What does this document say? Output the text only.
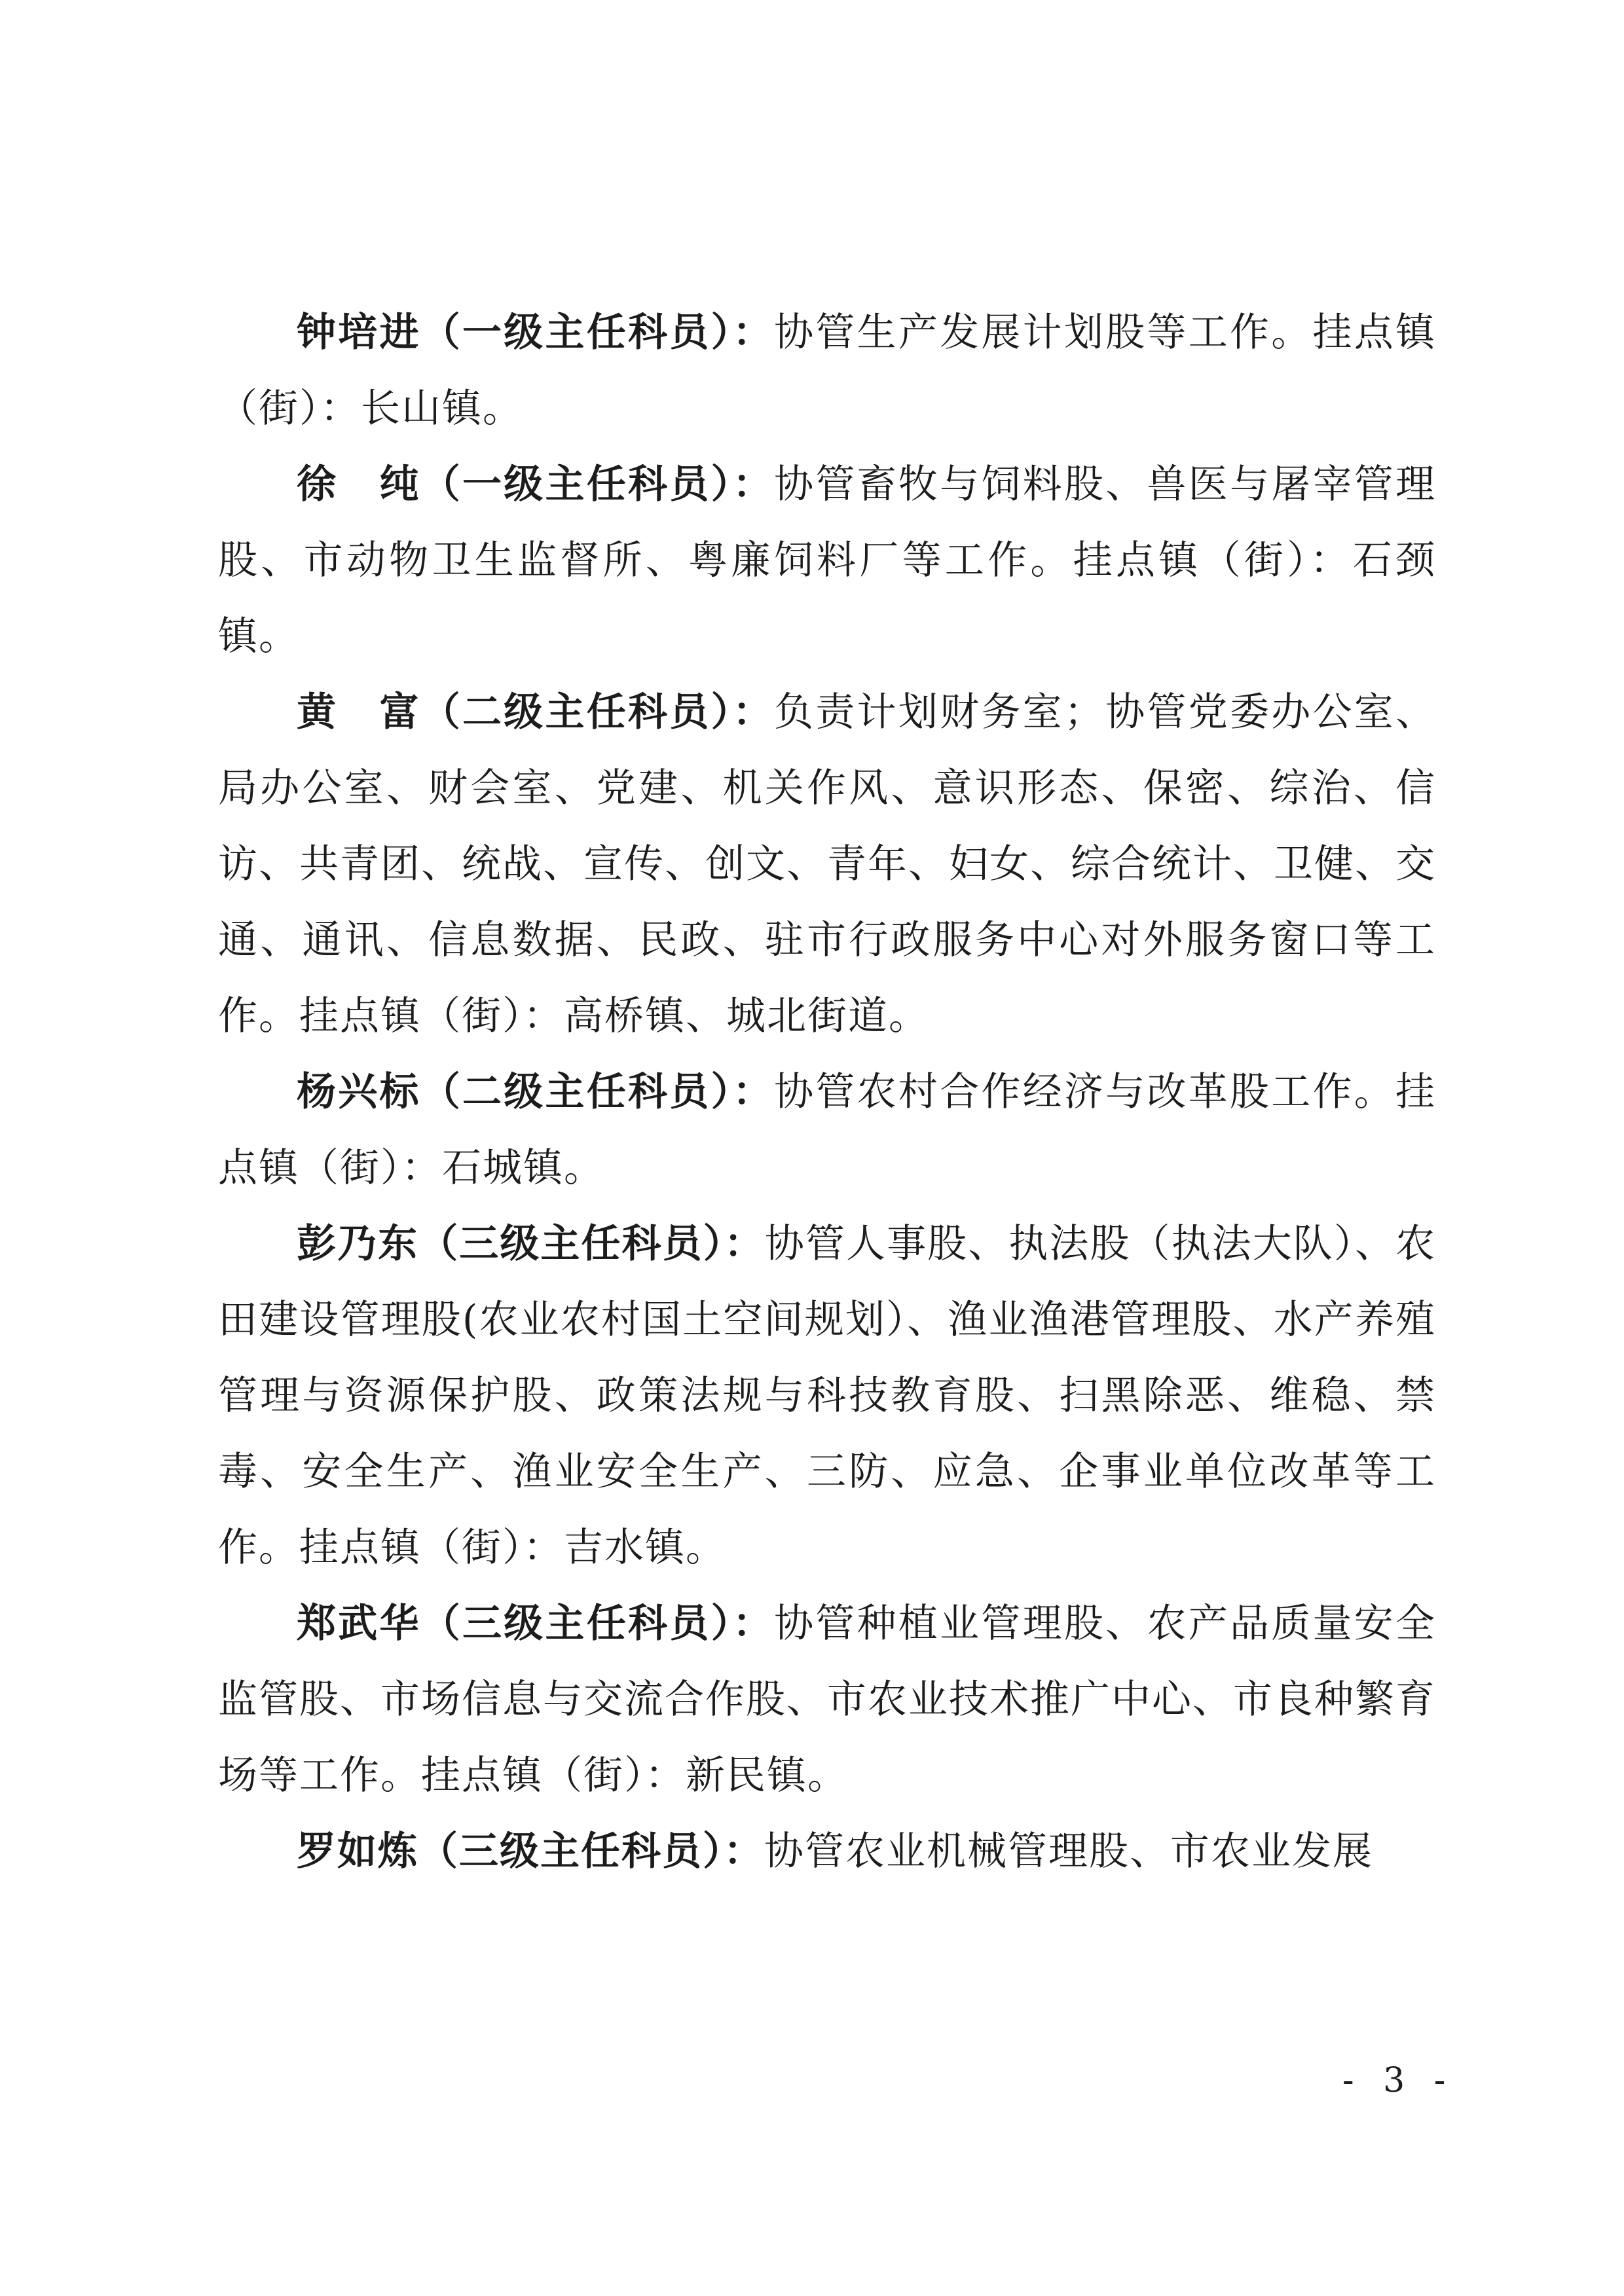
钟培进（一级主任科员）：协管生产发展计划股等工作。挂点镇（街）：长山镇。

徐　纯（一级主任科员）：协管畜牧与饲料股、兽医与屠宰管理股、市动物卫生监督所、粤廉饲料厂等工作。挂点镇（街）：石颈镇。

黄　富（二级主任科员）：负责计划财务室；协管党委办公室、局办公室、财会室、党建、机关作风、意识形态、保密、综治、信访、共青团、统战、宣传、创文、青年、妇女、综合统计、卫健、交通、通讯、信息数据、民政、驻市行政服务中心对外服务窗口等工作。挂点镇（街）：高桥镇、城北街道。

杨兴标（二级主任科员）：协管农村合作经济与改革股工作。挂点镇（街）：石城镇。

彭乃东（三级主任科员）：协管人事股、执法股（执法大队）、农田建设管理股(农业农村国土空间规划）、渔业渔港管理股、水产养殖管理与资源保护股、政策法规与科技教育股、扫黑除恶、维稳、禁毒、安全生产、渔业安全生产、三防、应急、企事业单位改革等工作。挂点镇（街）：吉水镇。

郑武华（三级主任科员）：协管种植业管理股、农产品质量安全监管股、市场信息与交流合作股、市农业技术推广中心、市良种繁育场等工作。挂点镇（街）：新民镇。

罗如炼（三级主任科员）：协管农业机械管理股、市农业发展

- 3 -
